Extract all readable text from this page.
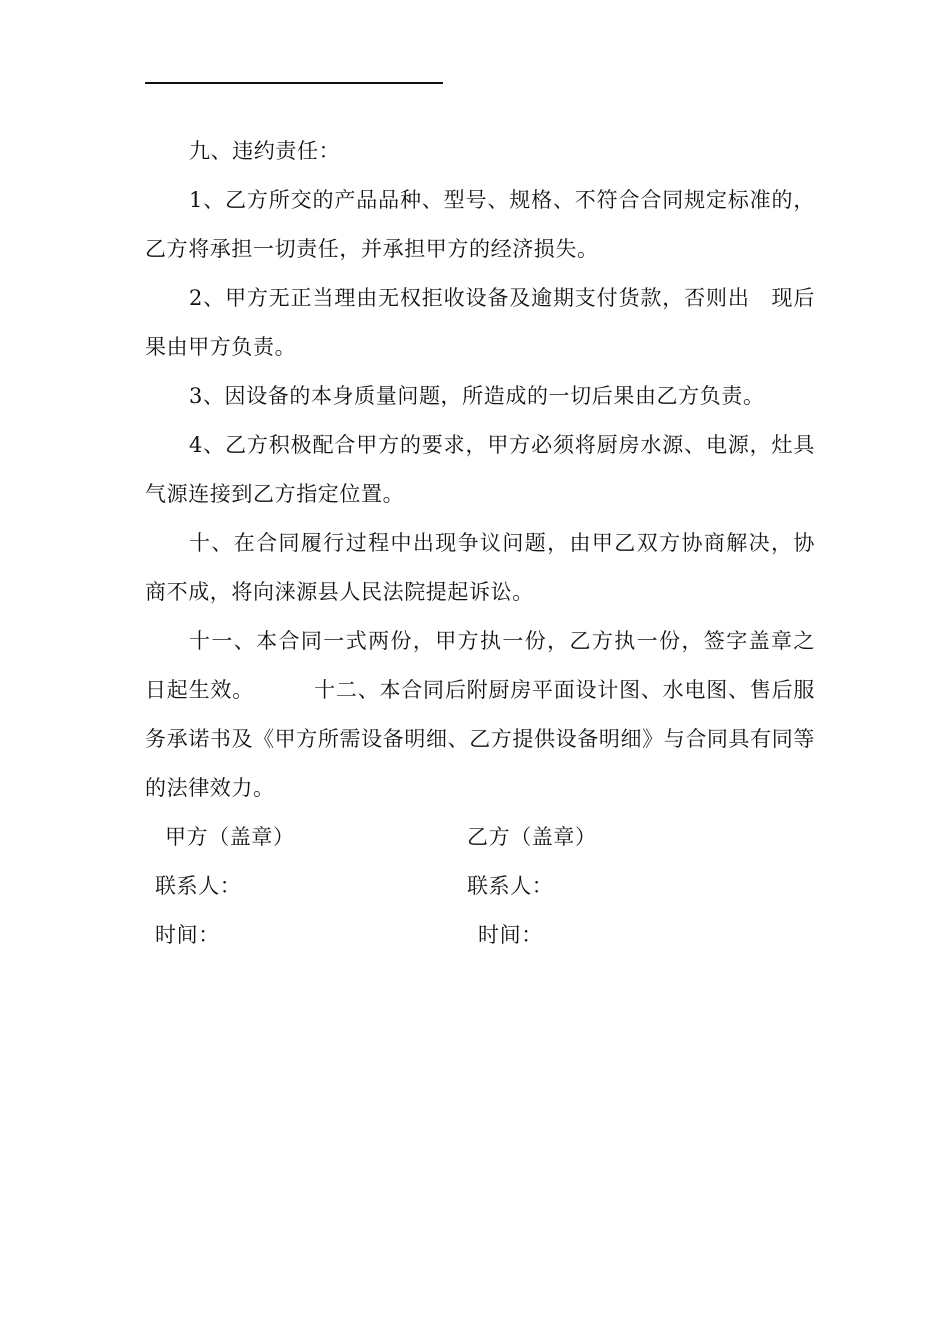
九、违约责任：

1、乙方所交的产品品种、型号、规格、不符合合同规定标准的，乙方将承担一切责任，并承担甲方的经济损失。

2、甲方无正当理由无权拒收设备及逾期支付货款，否则出　现后果由甲方负责。

3、因设备的本身质量问题，所造成的一切后果由乙方负责。

4、乙方积极配合甲方的要求，甲方必须将厨房水源、电源，灶具气源连接到乙方指定位置。

十、在合同履行过程中出现争议问题，由甲乙双方协商解决，协商不成，将向涞源县人民法院提起诉讼。

十一、本合同一式两份，甲方执一份，乙方执一份，签字盖章之日起生效。	十二、本合同后附厨房平面设计图、水电图、售后服务承诺书及《甲方所需设备明细、乙方提供设备明细》与合同具有同等的法律效力。

甲方（盖章）	乙方（盖章）
联系人：	联系人：
时间：	时间：
